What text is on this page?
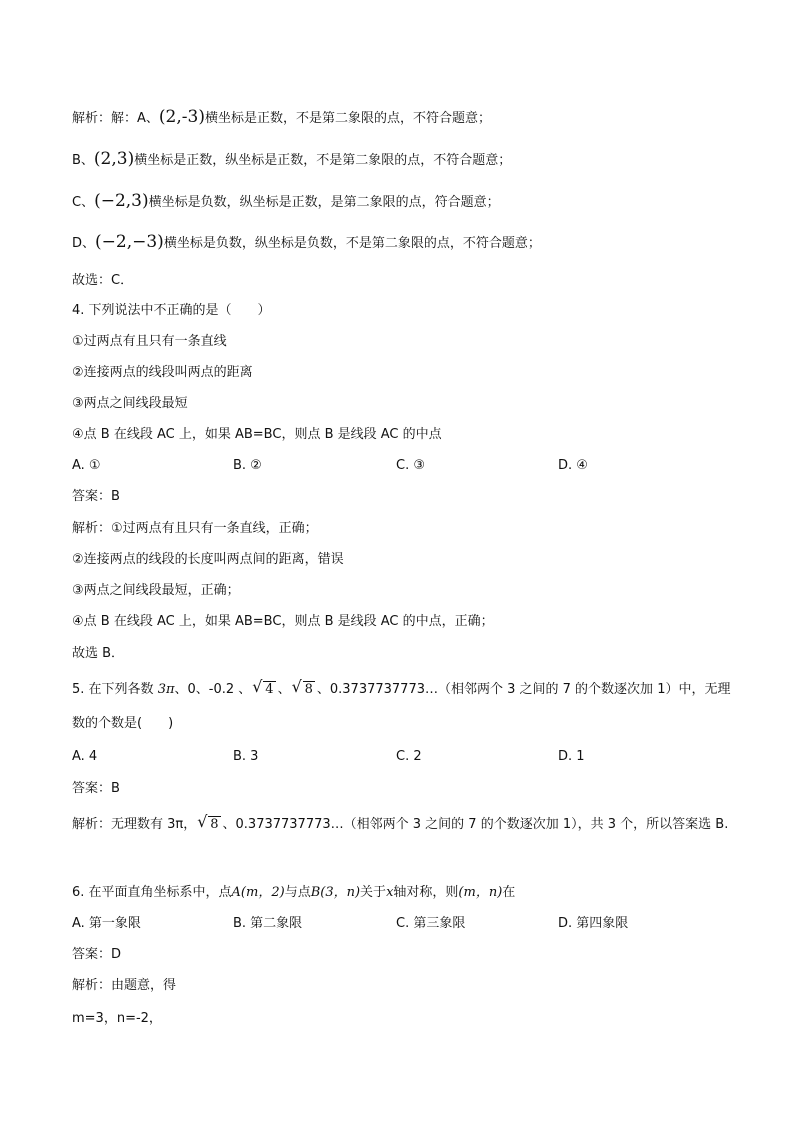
解析：解：A、(2,-3)横坐标是正数，不是第二象限的点，不符合题意；
B、(2,3)横坐标是正数，纵坐标是正数，不是第二象限的点，不符合题意；
C、(−2,3)横坐标是负数，纵坐标是正数，是第二象限的点，符合题意；
D、(−2,−3)横坐标是负数，纵坐标是负数，不是第二象限的点，不符合题意；
故选：C．
4. 下列说法中不正确的是（　　）
①过两点有且只有一条直线
②连接两点的线段叫两点的距离
③两点之间线段最短
④点 B 在线段 AC 上，如果 AB=BC，则点 B 是线段 AC 的中点
A. ①	B. ②	C. ③	D. ④
答案：B
解析：①过两点有且只有一条直线，正确；
②连接两点的线段的长度叫两点间的距离，错误
③两点之间线段最短，正确；
④点 B 在线段 AC 上，如果 AB=BC，则点 B 是线段 AC 的中点，正确；
故选 B．
5. 在下列各数 3π、0、-0.2 、 √ 4 、 √ 8 、0.3737737773…（相邻两个 3 之间的 7 的个数逐次加 1）中，无理数的个数是(　　)
A. 4	B. 3	C. 2	D. 1
答案：B
解析：无理数有 3π， √ 8 、0.3737737773…（相邻两个 3 之间的 7 的个数逐次加 1），共 3 个，所以答案选 B.
6. 在平面直角坐标系中，点A(m，2)与点B(3，n)关于x轴对称，则(m，n)在
A. 第一象限	B. 第二象限	C. 第三象限	D. 第四象限
答案：D
解析：由题意，得
m=3，n=-2，
